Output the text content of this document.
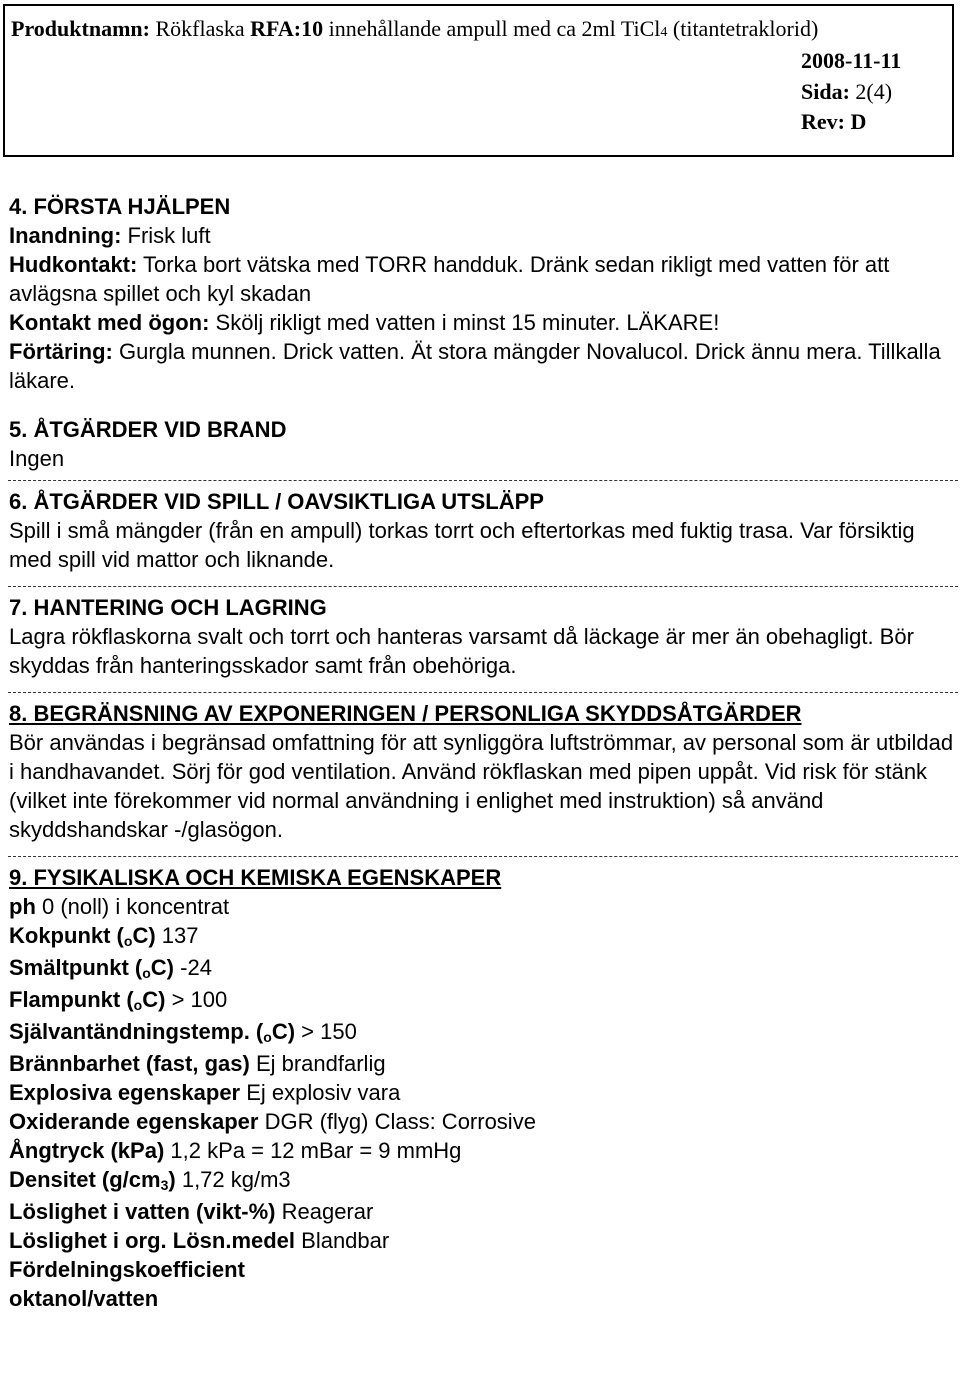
Produktnamn: Rökflaska RFA:10 innehållande ampull med ca 2ml TiCl4 (titantetraklorid)
2008-11-11
Sida: 2(4)
Rev: D

4. FÖRSTA HJÄLPEN

Inandning: Frisk luft

Hudkontakt: Torka bort vätska med TORR handduk. Dränk sedan rikligt med vatten för att avlägsna spillet och kyl skadan

Kontakt med ögon: Skölj rikligt med vatten i minst 15 minuter. LÄKARE!

Förtäring: Gurgla munnen. Drick vatten. Ät stora mängder Novalucol. Drick ännu mera. Tillkalla läkare.

5. ÅTGÄRDER VID BRAND

Ingen

6. ÅTGÄRDER VID SPILL / OAVSIKTLIGA UTSLÄPP

Spill i små mängder (från en ampull) torkas torrt och eftertorkas med fuktig trasa. Var försiktig med spill vid mattor och liknande.

7. HANTERING OCH LAGRING

Lagra rökflaskorna svalt och torrt och hanteras varsamt då läckage är mer än obehagligt. Bör skyddas från hanteringsskador samt från obehöriga.

8. BEGRÄNSNING AV EXPONERINGEN / PERSONLIGA SKYDDSÅTGÄRDER

Bör användas i begränsad omfattning för att synliggöra luftströmmar, av personal som är utbildad i handhavandet. Sörj för god ventilation. Använd rökflaskan med pipen uppåt. Vid risk för stänk (vilket inte förekommer vid normal användning i enlighet med instruktion) så använd skyddshandskar -/glasögon.

9. FYSIKALISKA OCH KEMISKA EGENSKAPER

ph 0 (noll) i koncentrat

Kokpunkt (oC) 137

Smältpunkt (oC) -24

Flampunkt (oC) > 100

Självantändningstemp. (oC) > 150

Brännbarhet (fast, gas) Ej brandfarlig

Explosiva egenskaper Ej explosiv vara

Oxiderande egenskaper DGR (flyg) Class: Corrosive

Ångtryck (kPa) 1,2 kPa = 12 mBar = 9 mmHg

Densitet (g/cm3) 1,72 kg/m3

Löslighet i vatten (vikt-%) Reagerar

Löslighet i org. Lösn.medel Blandbar

Fördelningskoefficient

oktanol/vatten
